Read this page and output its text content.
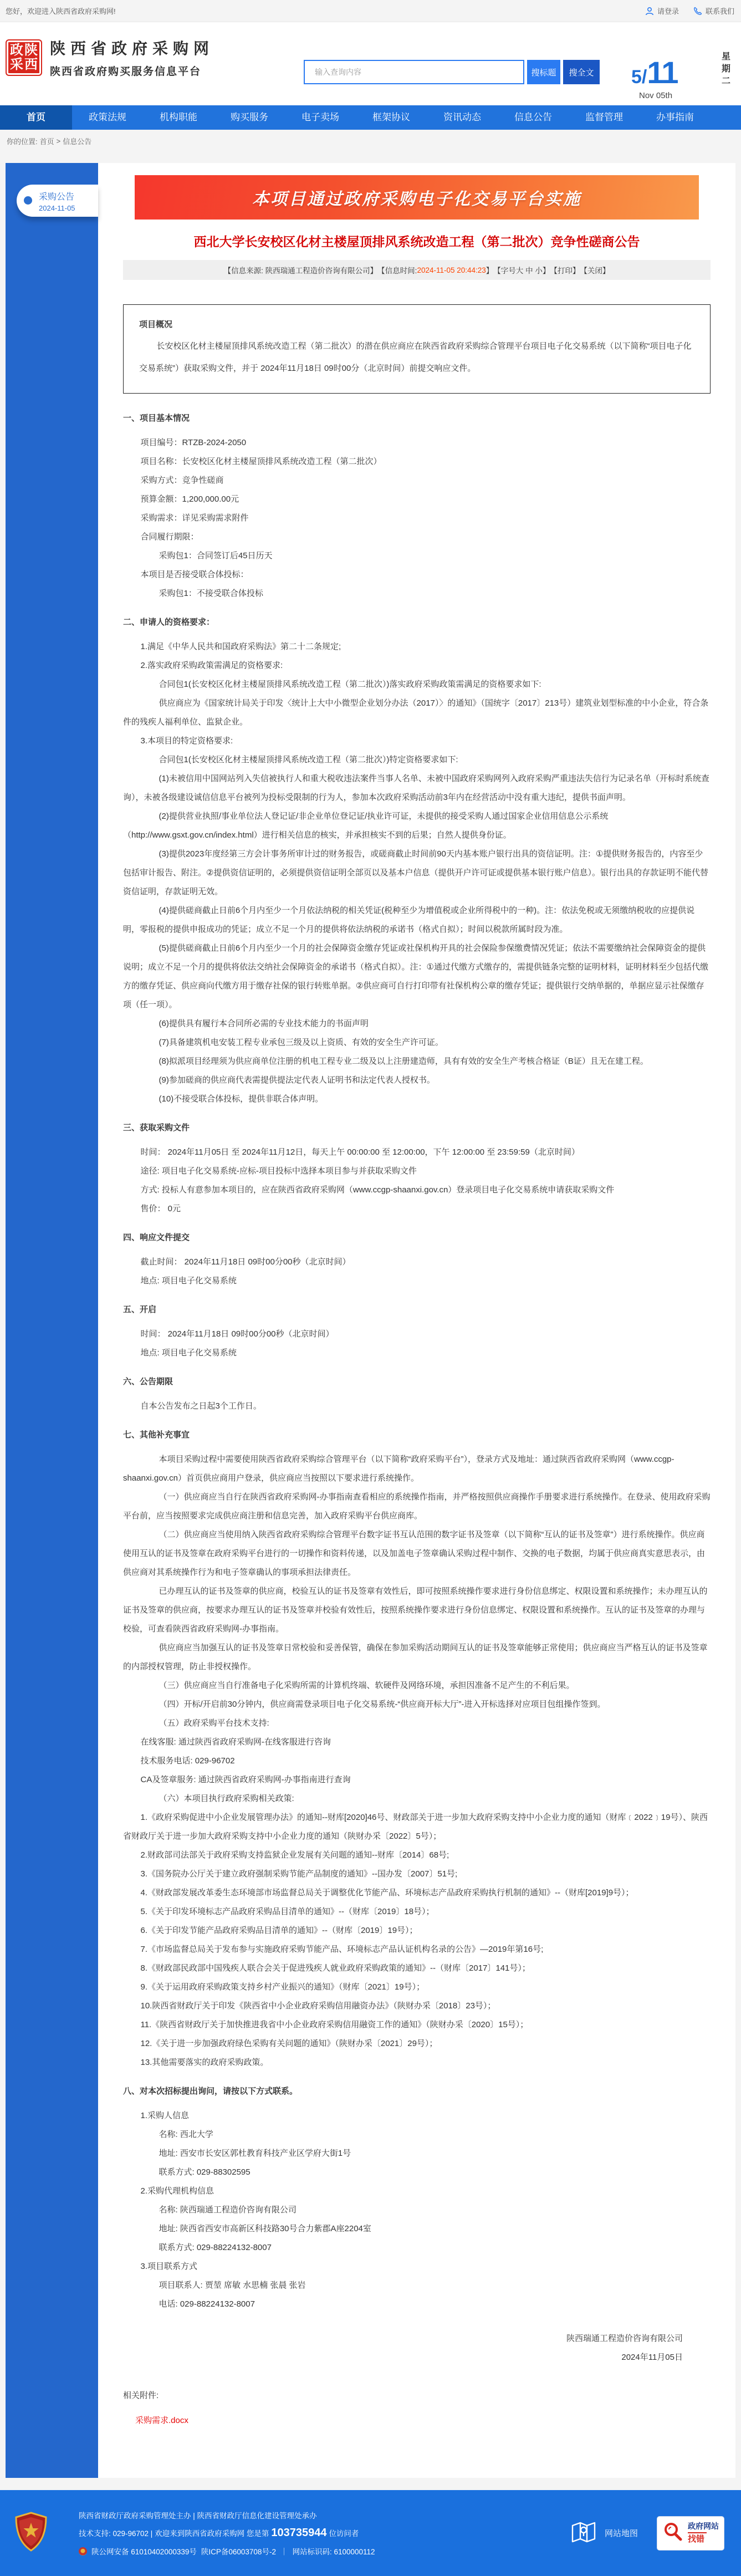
您好，欢迎进入陕西省政府采购网!	请登录	联系我们
政 陕
采 西
陕西省政府采购网
陕西省政府购买服务信息平台
输入查询内容	搜标题	搜全文	5/11	星期二
Nov 05th
首页	政策法规	机构职能	购买服务	电子卖场	框架协议	资讯动态	信息公告	监督管理	办事指南
你的位置: 首页 > 信息公告
采购公告
2024-11-05	本项目通过政府采购电子化交易平台实施
西北大学长安校区化材主楼屋顶排风系统改造工程（第二批次）竞争性磋商公告
【信息来源: 陕西瑞通工程造价咨询有限公司】 【信息时间: 2024-11-05 20:44:23 】 【字号 大
中
小 】 【打印】 【关闭】
项目概况

长安校区化材主楼屋顶排风系统改造工程（第二批次）的潜在供应商应在陕西省政府采购综合管理平台项目电子化交易系统（以下简称“项目电子化交易系统”）获取采购文件，并于 2024年11月18日 09时00分（北京时间）前提交响应文件。

一、项目基本情况

项目编号：RTZB-2024-2050

项目名称：长安校区化材主楼屋顶排风系统改造工程（第二批次）

采购方式：竞争性磋商

预算金额：1,200,000.00元

采购需求：详见采购需求附件

合同履行期限：

采购包1：合同签订后45日历天

本项目是否接受联合体投标：

采购包1：不接受联合体投标

二、申请人的资格要求：

1.满足《中华人民共和国政府采购法》第二十二条规定;

2.落实政府采购政策需满足的资格要求:

合同包1(长安校区化材主楼屋顶排风系统改造工程（第二批次）)落实政府采购政策需满足的资格要求如下:

供应商应为《国家统计局关于印发〈统计上大中小微型企业划分办法（2017）〉的通知》（国统字〔2017〕213号）建筑业划型标准的中小企业，符合条件的残疾人福利单位、监狱企业。

3.本项目的特定资格要求:

合同包1(长安校区化材主楼屋顶排风系统改造工程（第二批次）)特定资格要求如下:

(1)未被信用中国网站列入失信被执行人和重大税收违法案件当事人名单、未被中国政府采购网列入政府采购严重违法失信行为记录名单（开标时系统查询），未被各级建设诚信信息平台被列为投标受限制的行为人，参加本次政府采购活动前3年内在经营活动中没有重大违纪，提供书面声明。

(2)提供营业执照/事业单位法人登记证/非企业单位登记证/执业许可证，未提供的接受采购人通过国家企业信用信息公示系统（http://www.gsxt.gov.cn/index.html）进行相关信息的核实，并承担核实不到的后果；自然人提供身份证。

(3)提供2023年度经第三方会计事务所审计过的财务报告，或磋商截止时间前90天内基本账户银行出具的资信证明。注：①提供财务报告的，内容至少包括审计报告、附注。②提供资信证明的，必须提供资信证明全部页以及基本户信息（提供开户许可证或提供基本银行账户信息）。银行出具的存款证明不能代替资信证明，存款证明无效。

(4)提供磋商截止日前6个月内至少一个月依法纳税的相关凭证(税种至少为增值税或企业所得税中的一种)。注：依法免税或无须缴纳税收的应提供说明，零报税的提供申报成功的凭证；成立不足一个月的提供将依法纳税的承诺书（格式自拟）；时间以税款所属时段为准。

(5)提供磋商截止日前6个月内至少一个月的社会保障资金缴存凭证或社保机构开具的社会保险参保缴费情况凭证；依法不需要缴纳社会保障资金的提供说明；成立不足一个月的提供将依法交纳社会保障资金的承诺书（格式自拟）。注：①通过代缴方式缴存的，需提供链条完整的证明材料，证明材料至少包括代缴方的缴存凭证、供应商向代缴方用于缴存社保的银行转账单据。②供应商可自行打印带有社保机构公章的缴存凭证；提供银行交纳单据的，单据应显示社保缴存项（任一项）。

(6)提供具有履行本合同所必需的专业技术能力的书面声明

(7)具备建筑机电安装工程专业承包三级及以上资质、有效的安全生产许可证。

(8)拟派项目经理须为供应商单位注册的机电工程专业二级及以上注册建造师，具有有效的安全生产考核合格证（B证）且无在建工程。

(9)参加磋商的供应商代表需提供提法定代表人证明书和法定代表人授权书。

(10)不接受联合体投标，提供非联合体声明。

三、获取采购文件

时间： 2024年11月05日 至 2024年11月12日，每天上午 00:00:00 至 12:00:00，下午 12:00:00 至 23:59:59（北京时间）

途径: 项目电子化交易系统-应标-项目投标中选择本项目参与并获取采购文件

方式: 投标人有意参加本项目的，应在陕西省政府采购网（www.ccgp-shaanxi.gov.cn）登录项目电子化交易系统申请获取采购文件

售价： 0元

四、响应文件提交

截止时间： 2024年11月18日 09时00分00秒（北京时间）

地点: 项目电子化交易系统

五、开启

时间： 2024年11月18日 09时00分00秒（北京时间）

地点: 项目电子化交易系统

六、公告期限

自本公告发布之日起3个工作日。

七、其他补充事宜

本项目采购过程中需要使用陕西省政府采购综合管理平台（以下简称“政府采购平台”），登录方式及地址：通过陕西省政府采购网（www.ccgp-shaanxi.gov.cn）首页供应商用户登录，供应商应当按照以下要求进行系统操作。

（一）供应商应当自行在陕西省政府采购网-办事指南查看相应的系统操作指南，并严格按照供应商操作手册要求进行系统操作。在登录、使用政府采购平台前，应当按照要求完成供应商注册和信息完善，加入政府采购平台供应商库。

（二）供应商应当使用纳入陕西省政府采购综合管理平台数字证书互认范围的数字证书及签章（以下简称“互认的证书及签章”）进行系统操作。供应商使用互认的证书及签章在政府采购平台进行的一切操作和资料传递，以及加盖电子签章确认采购过程中制作、交换的电子数据，均属于供应商真实意思表示，由供应商对其系统操作行为和电子签章确认的事项承担法律责任。

已办理互认的证书及签章的供应商，校验互认的证书及签章有效性后，即可按照系统操作要求进行身份信息绑定、权限设置和系统操作；未办理互认的证书及签章的供应商，按要求办理互认的证书及签章并校验有效性后，按照系统操作要求进行身份信息绑定、权限设置和系统操作。互认的证书及签章的办理与校验，可查看陕西省政府采购网-办事指南。

供应商应当加强互认的证书及签章日常校验和妥善保管，确保在参加采购活动期间互认的证书及签章能够正常使用；供应商应当严格互认的证书及签章的内部授权管理，防止非授权操作。

（三）供应商应当自行准备电子化采购所需的计算机终端、软硬件及网络环境，承担因准备不足产生的不利后果。

（四）开标/开启前30分钟内，供应商需登录项目电子化交易系统-“供应商开标大厅”-进入开标选择对应项目包组操作签到。

（五）政府采购平台技术支持:

在线客服: 通过陕西省政府采购网-在线客服进行咨询

技术服务电话: 029-96702

CA及签章服务: 通过陕西省政府采购网-办事指南进行查询

（六）本项目执行政府采购相关政策:

1.《政府采购促进中小企业发展管理办法》的通知--财库[2020]46号、财政部关于进一步加大政府采购支持中小企业力度的通知（财库﹝2022﹞19号）、陕西省财政厅关于进一步加大政府采购支持中小企业力度的通知（陕财办采〔2022〕5号）；

2.财政部司法部关于政府采购支持监狱企业发展有关问题的通知--财库〔2014〕68号;

3.《国务院办公厅关于建立政府强制采购节能产品制度的通知》--国办发〔2007〕51号;

4.《财政部发展改革委生态环境部市场监督总局关于调整优化节能产品、环境标志产品政府采购执行机制的通知》--（财库[2019]9号）；

5.《关于印发环境标志产品政府采购品目清单的通知》--（财库〔2019〕18号）；

6.《关于印发节能产品政府采购品目清单的通知》--（财库〔2019〕19号）；

7.《市场监督总局关于发布参与实施政府采购节能产品、环境标志产品认证机构名录的公告》—2019年第16号;

8.《财政部民政部中国残疾人联合会关于促进残疾人就业政府采购政策的通知》--（财库〔2017〕141号）；

9.《关于运用政府采购政策支持乡村产业振兴的通知》（财库〔2021〕19号）；

10.陕西省财政厅关于印发《陕西省中小企业政府采购信用融资办法》（陕财办采〔2018〕23号）；

11.《陕西省财政厅关于加快推进我省中小企业政府采购信用融资工作的通知》（陕财办采〔2020〕15号）；

12.《关于进一步加强政府绿色采购有关问题的通知》（陕财办采〔2021〕29号）；

13.其他需要落实的政府采购政策。

八、对本次招标提出询问，请按以下方式联系。

1.采购人信息

名称: 西北大学

地址: 西安市长安区郭杜教育科技产业区学府大街1号

联系方式: 029-88302595

2.采购代理机构信息

名称: 陕西瑞通工程造价咨询有限公司

地址: 陕西省西安市高新区科技路30号合力紫郡A座2204室

联系方式: 029-88224132-8007

3.项目联系方式

项目联系人: 贾堃 席敏 水思楠 张晨 张岩

电话: 029-88224132-8007

陕西瑞通工程造价咨询有限公司

2024年11月05日

相关附件:
采购需求.docx
陕西省财政厅政府采购管理处主办 | 陕西省财政厅信息化建设管理处承办
技术支持: 029-96702 | 欢迎来到陕西省政府采购网 您是第 103735944 位访问者
陕公网安备 61010402000339号 陕ICP备06003708号-2 ｜ 网站标识码: 6100000112
网站地图
政府网站
找错
